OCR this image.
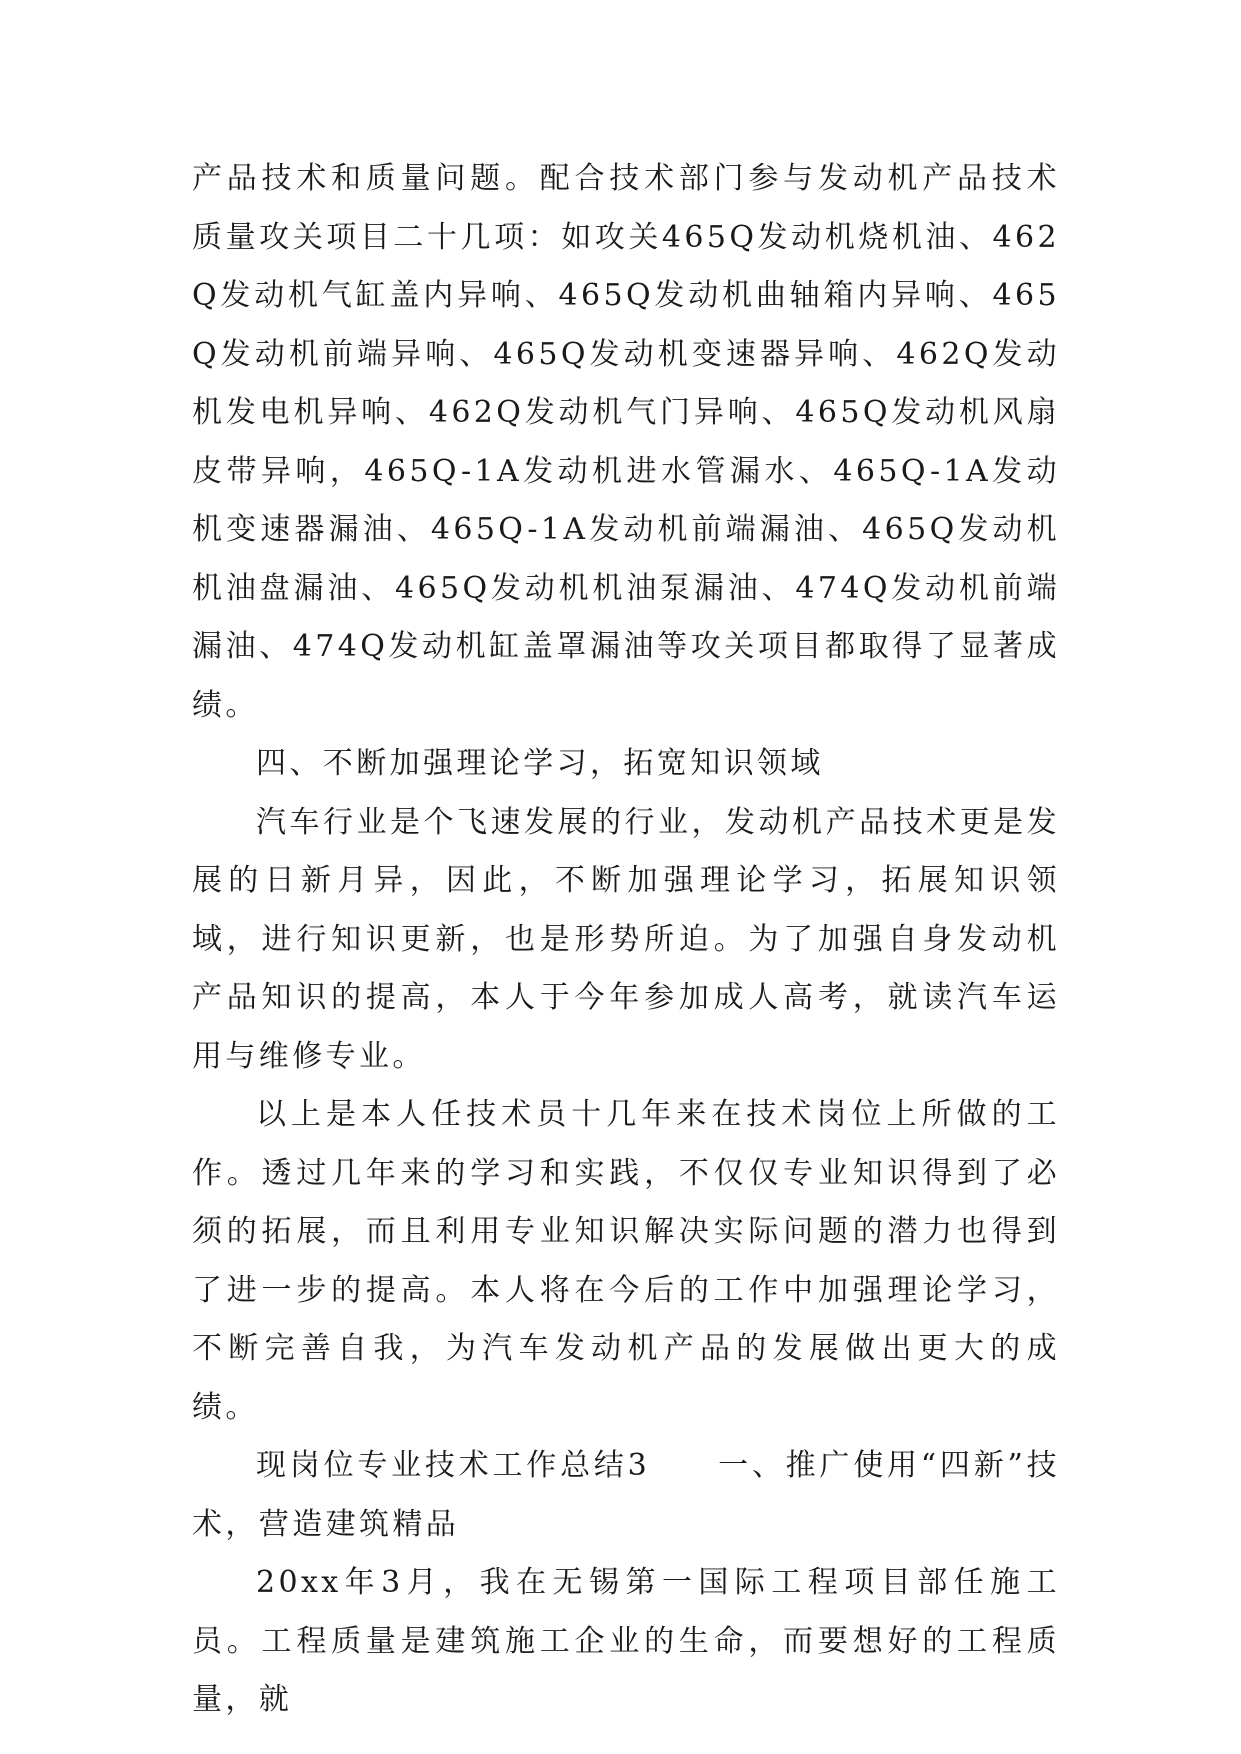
产品技术和质量问题。配合技术部门参与发动机产品技术质量攻关项目二十几项：如攻关465Q发动机烧机油、462Q发动机气缸盖内异响、465Q发动机曲轴箱内异响、465Q发动机前端异响、465Q发动机变速器异响、462Q发动机发电机异响、462Q发动机气门异响、465Q发动机风扇皮带异响，465Q-1A发动机进水管漏水、465Q-1A发动机变速器漏油、465Q-1A发动机前端漏油、465Q发动机机油盘漏油、465Q发动机机油泵漏油、474Q发动机前端漏油、474Q发动机缸盖罩漏油等攻关项目都取得了显著成绩。

四、不断加强理论学习，拓宽知识领域

汽车行业是个飞速发展的行业，发动机产品技术更是发展的日新月异，因此，不断加强理论学习，拓展知识领域，进行知识更新，也是形势所迫。为了加强自身发动机产品知识的提高，本人于今年参加成人高考，就读汽车运用与维修专业。

以上是本人任技术员十几年来在技术岗位上所做的工作。透过几年来的学习和实践，不仅仅专业知识得到了必须的拓展，而且利用专业知识解决实际问题的潜力也得到了进一步的提高。本人将在今后的工作中加强理论学习，不断完善自我，为汽车发动机产品的发展做出更大的成绩。

现岗位专业技术工作总结3　　一、推广使用“四新”技术，营造建筑精品

20xx年3月，我在无锡第一国际工程项目部任施工员。工程质量是建筑施工企业的生命，而要想好的工程质量，就
